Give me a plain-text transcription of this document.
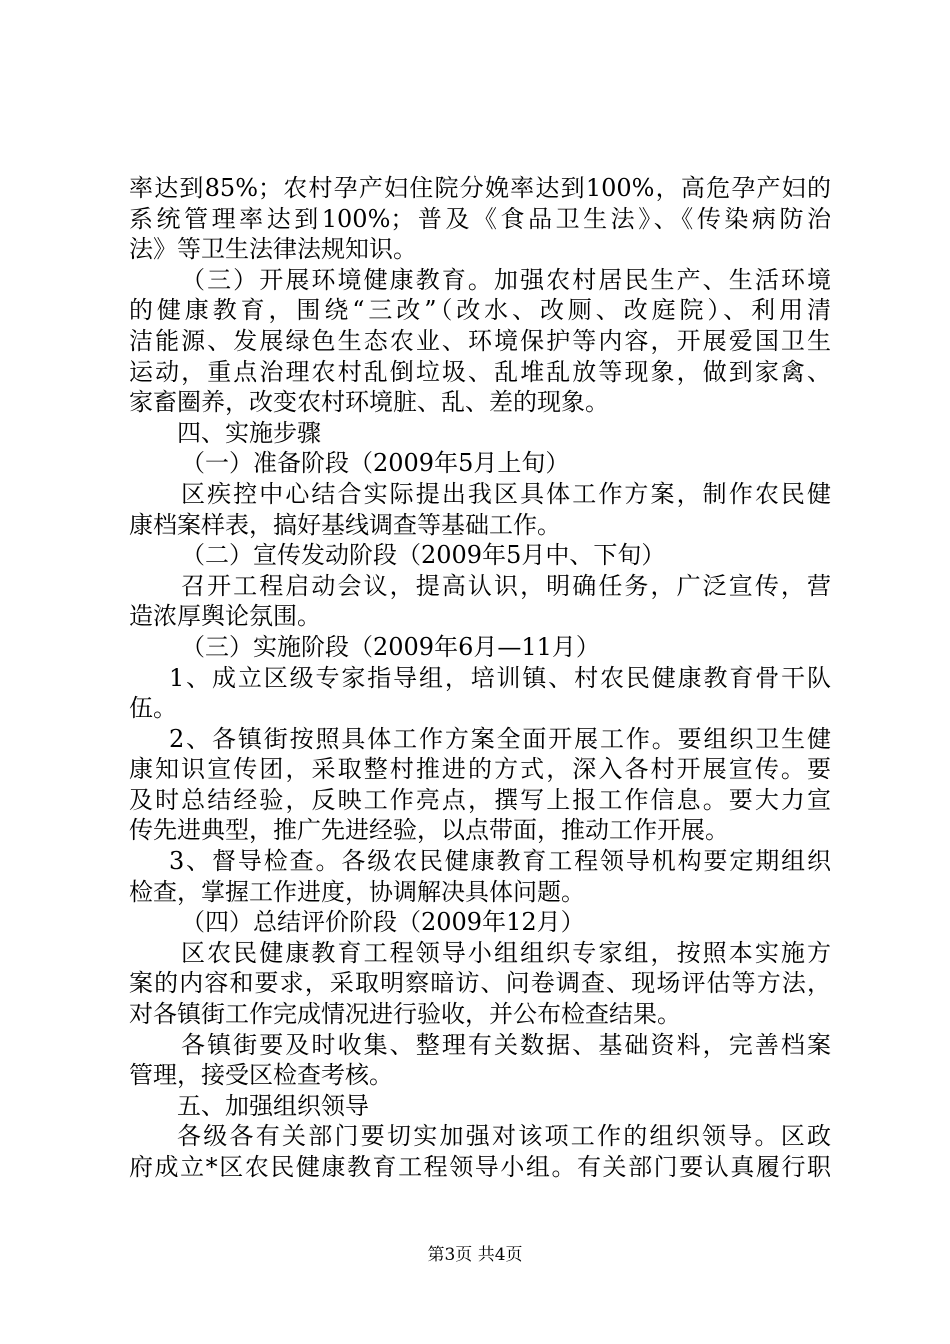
率达到85%；农村孕产妇住院分娩率达到100%，高危孕产妇的
系统管理率达到100%；普及《食品卫生法》、《传染病防治
法》等卫生法律法规知识。
（三）开展环境健康教育。加强农村居民生产、生活环境
的健康教育，围绕“三改”（改水、改厕、改庭院）、利用清
洁能源、发展绿色生态农业、环境保护等内容，开展爱国卫生
运动，重点治理农村乱倒垃圾、乱堆乱放等现象，做到家禽、
家畜圈养，改变农村环境脏、乱、差的现象。
四、实施步骤
（一）准备阶段（2009年5月上旬）
区疾控中心结合实际提出我区具体工作方案，制作农民健
康档案样表，搞好基线调查等基础工作。
（二）宣传发动阶段（2009年5月中、下旬）
召开工程启动会议，提高认识，明确任务，广泛宣传，营
造浓厚舆论氛围。
（三）实施阶段（2009年6月—11月）
1、成立区级专家指导组，培训镇、村农民健康教育骨干队
伍。
2、各镇街按照具体工作方案全面开展工作。要组织卫生健
康知识宣传团，采取整村推进的方式，深入各村开展宣传。要
及时总结经验，反映工作亮点，撰写上报工作信息。要大力宣
传先进典型，推广先进经验，以点带面，推动工作开展。
3、督导检查。各级农民健康教育工程领导机构要定期组织
检查，掌握工作进度，协调解决具体问题。
（四）总结评价阶段（2009年12月）
区农民健康教育工程领导小组组织专家组，按照本实施方
案的内容和要求，采取明察暗访、问卷调查、现场评估等方法，
对各镇街工作完成情况进行验收，并公布检查结果。
各镇街要及时收集、整理有关数据、基础资料，完善档案
管理，接受区检查考核。
五、加强组织领导
各级各有关部门要切实加强对该项工作的组织领导。区政
府成立*区农民健康教育工程领导小组。有关部门要认真履行职
第3页 共4页
